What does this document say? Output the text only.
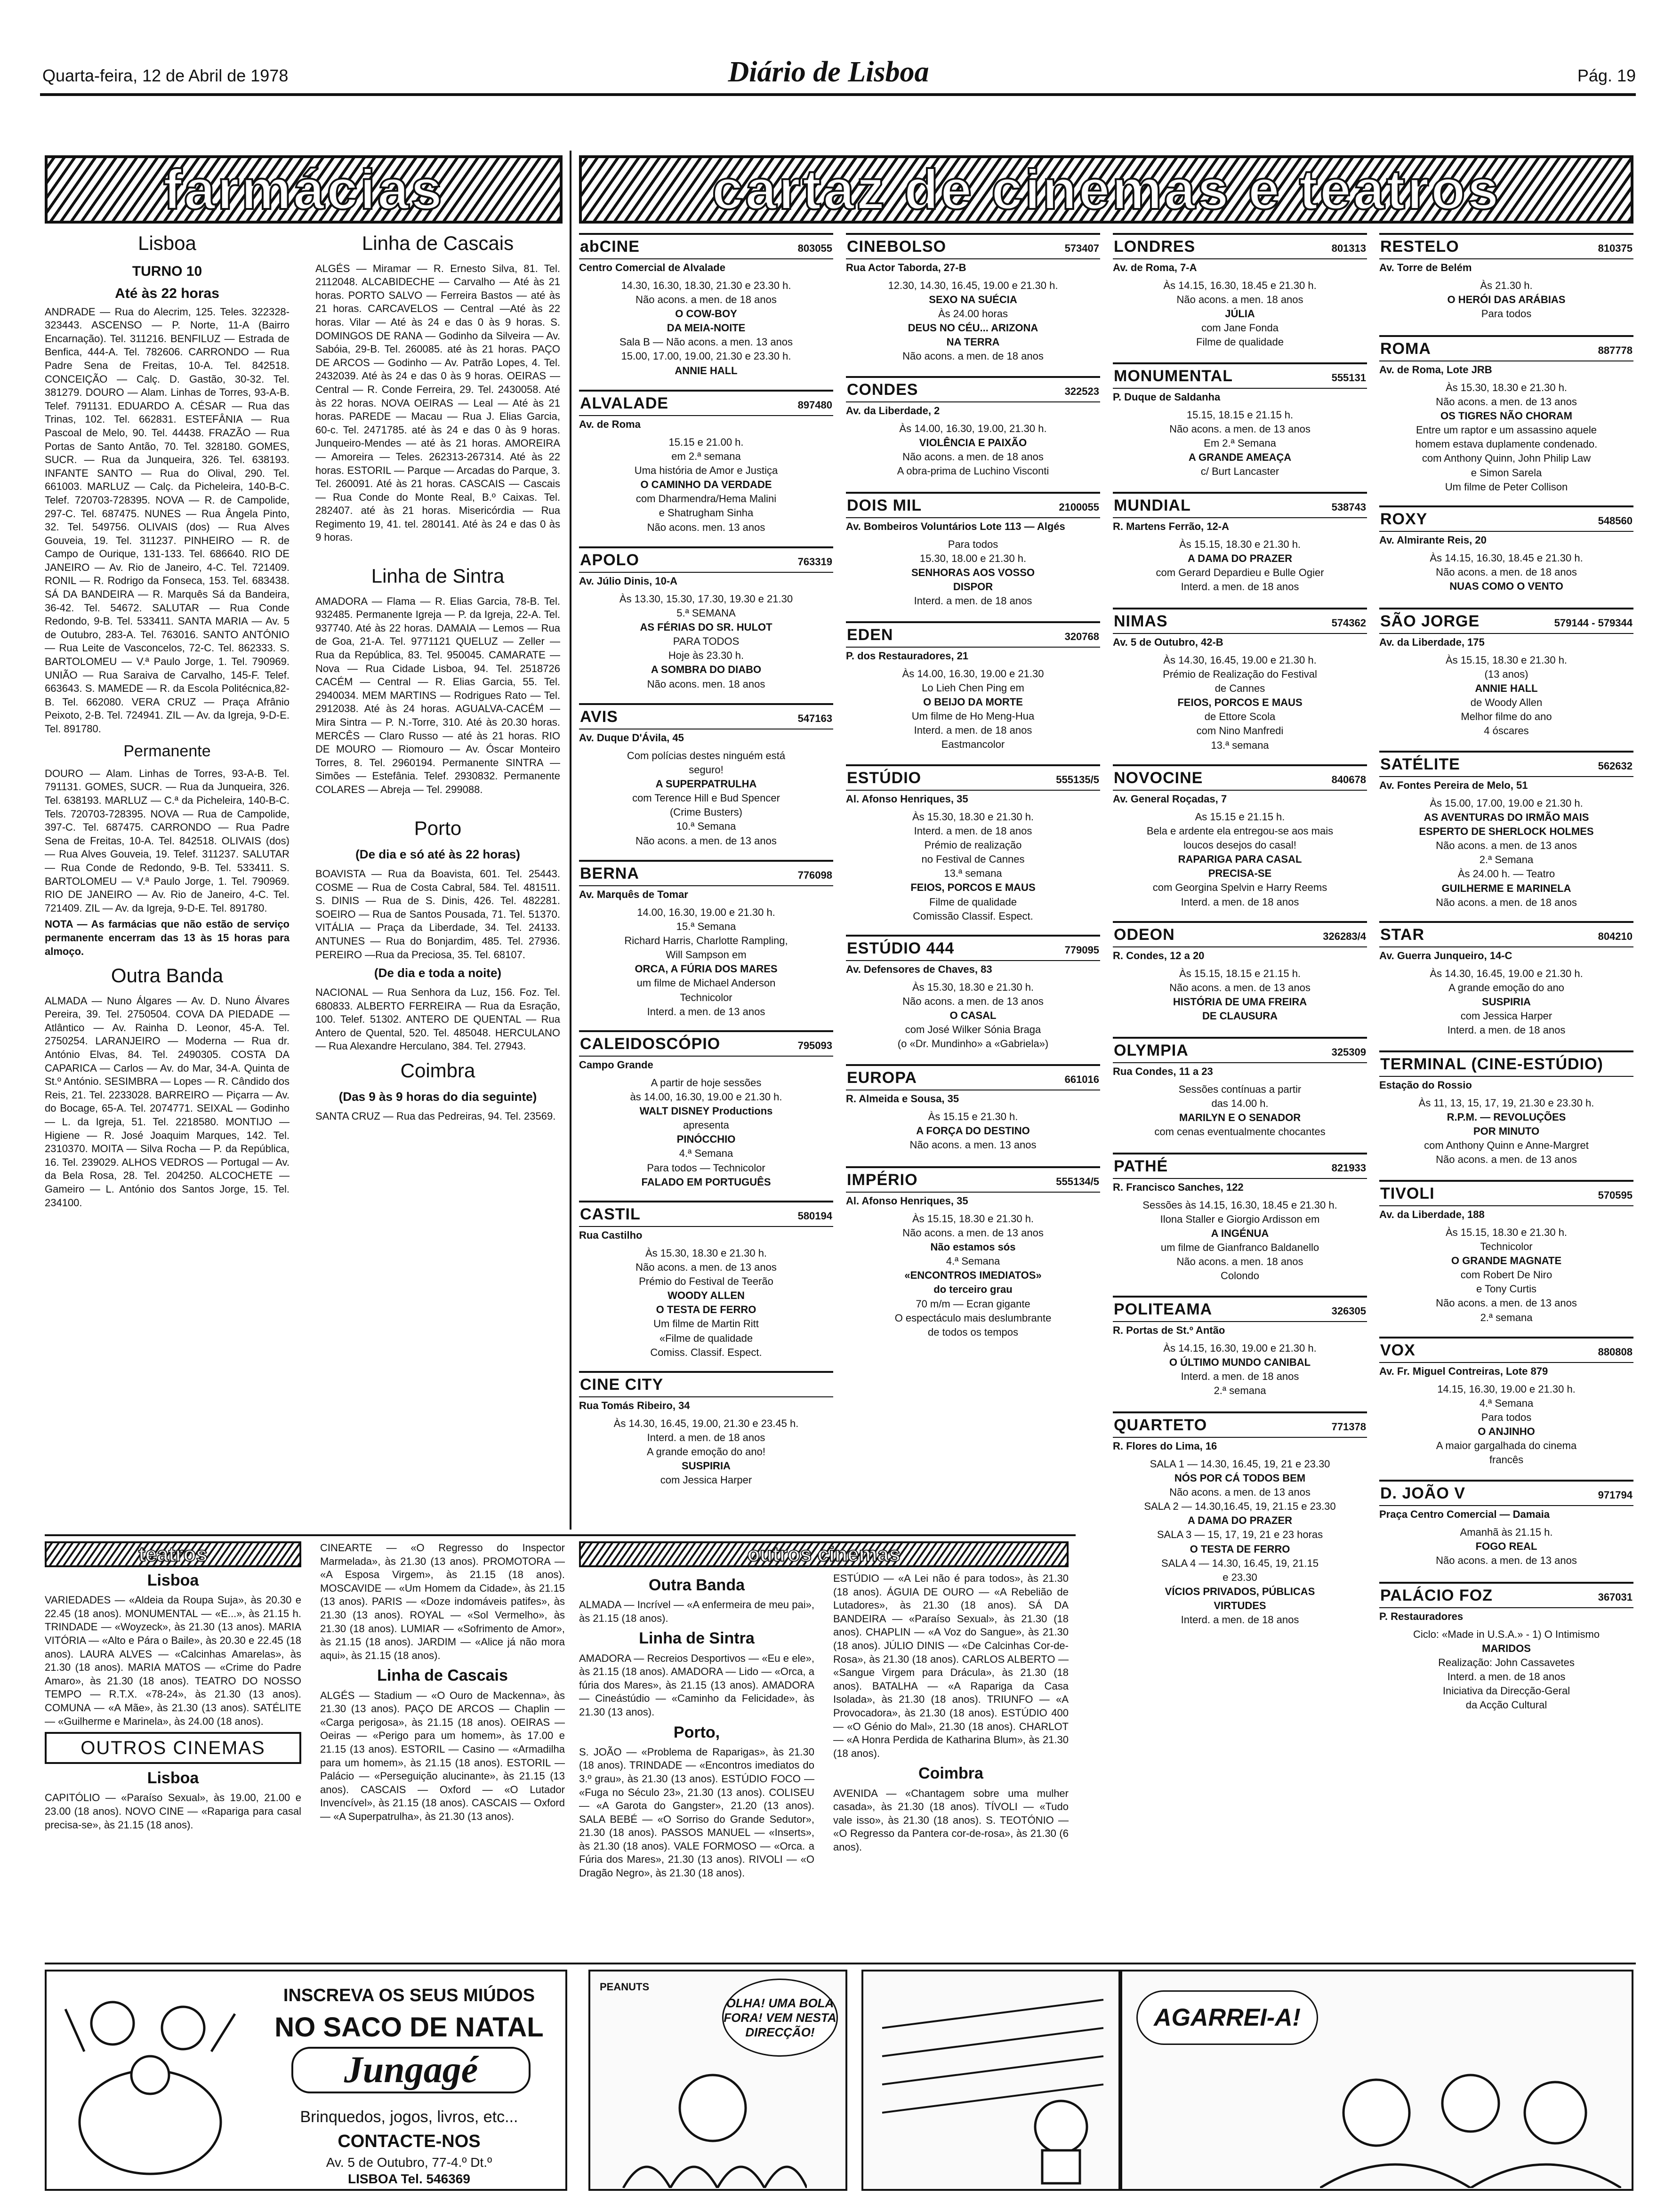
Quarta-feira, 12 de Abril de 1978	Diário de Lisboa	Pág. 19
farmácias	cartaz de cinemas e teatros
Lisboa
TURNO 10
Até às 22 horas

ANDRADE — Rua do Alecrim, 125. Teles. 322328-323443. ASCENSO — P. Norte, 11-A (Bairro Encarnação). Tel. 311216. BENFILUZ — Estrada de Benfica, 444-A. Tel. 782606. CARRONDO — Rua Padre Sena de Freitas, 10-A. Tel. 842518. CONCEIÇÃO — Calç. D. Gastão, 30-32. Tel. 381279. DOURO — Alam. Linhas de Torres, 93-A-B. Telef. 791131. EDUARDO A. CÉSAR — Rua das Trinas, 102. Tel. 662831. ESTEFÂNIA — Rua Pascoal de Melo, 90. Tel. 44438. FRAZÃO — Rua Portas de Santo Antão, 70. Tel. 328180. GOMES, SUCR. — Rua da Junqueira, 326. Tel. 638193. INFANTE SANTO — Rua do Olival, 290. Tel. 661003. MARLUZ — Calç. da Picheleira, 140-B-C. Telef. 720703-728395. NOVA — R. de Campolide, 297-C. Tel. 687475. NUNES — Rua Ângela Pinto, 32. Tel. 549756. OLIVAIS (dos) — Rua Alves Gouveia, 19. Tel. 311237. PINHEIRO — R. de Campo de Ourique, 131-133. Tel. 686640. RIO DE JANEIRO — Av. Rio de Janeiro, 4-C. Tel. 721409. RONIL — R. Rodrigo da Fonseca, 153. Tel. 683438. SÁ DA BANDEIRA — R. Marquês Sá da Bandeira, 36-42. Tel. 54672. SALUTAR — Rua Conde Redondo, 9-B. Tel. 533411. SANTA MARIA — Av. 5 de Outubro, 283-A. Tel. 763016. SANTO ANTÓNIO — Rua Leite de Vasconcelos, 72-C. Tel. 862333. S. BARTOLOMEU — V.ª Paulo Jorge, 1. Tel. 790969. UNIÃO — Rua Saraiva de Carvalho, 145-F. Telef. 663643. S. MAMEDE — R. da Escola Politécnica,82-B. Tel. 662080. VERA CRUZ — Praça Afrânio Peixoto, 2-B. Tel. 724941. ZIL — Av. da Igreja, 9-D-E. Tel. 891780.

Permanente

DOURO — Alam. Linhas de Torres, 93-A-B. Tel. 791131. GOMES, SUCR. — Rua da Junqueira, 326. Tel. 638193. MARLUZ — C.ª da Picheleira, 140-B-C. Tels. 720703-728395. NOVA — Rua de Campolide, 397-C. Tel. 687475. CARRONDO — Rua Padre Sena de Freitas, 10-A. Tel. 842518. OLIVAIS (dos) — Rua Alves Gouveia, 19. Telef. 311237. SALUTAR — Rua Conde de Redondo, 9-B. Tel. 533411. S. BARTOLOMEU — V.ª Paulo Jorge, 1. Tel. 790969. RIO DE JANEIRO — Av. Rio de Janeiro, 4-C. Tel. 721409. ZIL — Av. da Igreja, 9-D-E. Tel. 891780.

NOTA — As farmácias que não estão de serviço permanente encerram das 13 às 15 horas para almoço.

Outra Banda

ALMADA — Nuno Álgares — Av. D. Nuno Álvares Pereira, 39. Tel. 2750504. COVA DA PIEDADE — Atlântico — Av. Rainha D. Leonor, 45-A. Tel. 2750254. LARANJEIRO — Moderna — Rua dr. António Elvas, 84. Tel. 2490305. COSTA DA CAPARICA — Carlos — Av. do Mar, 34-A. Quinta de St.º António. SESIMBRA — Lopes — R. Cândido dos Reis, 21. Tel. 2233028. BARREIRO — Piçarra — Av. do Bocage, 65-A. Tel. 2074771. SEIXAL — Godinho — L. da Igreja, 51. Tel. 2218580. MONTIJO — Higiene — R. José Joaquim Marques, 142. Tel. 2310370. MOITA — Silva Rocha — P. da República, 16. Tel. 239029. ALHOS VEDROS — Portugal — Av. da Bela Rosa, 28. Tel. 204250. ALCOCHETE — Gameiro — L. António dos Santos Jorge, 15. Tel. 234100.

Linha de Cascais

ALGÉS — Miramar — R. Ernesto Silva, 81. Tel. 2112048. ALCABIDECHE — Carvalho — Até às 21 horas. PORTO SALVO — Ferreira Bastos — até às 21 horas. CARCAVELOS — Central —Até às 22 horas. Vilar — Até às 24 e das 0 às 9 horas. S. DOMINGOS DE RANA — Godinho da Silveira — Av. Sabóia, 29-B. Tel. 260085. até às 21 horas. PAÇO DE ARCOS — Godinho — Av. Patrão Lopes, 4. Tel. 2432039. Até às 24 e das 0 às 9 horas. OEIRAS — Central — R. Conde Ferreira, 29. Tel. 2430058. Até às 22 horas. NOVA OEIRAS — Leal — Até às 21 horas. PAREDE — Macau — Rua J. Elias Garcia, 60-c. Tel. 2471785. até às 24 e das 0 às 9 horas. Junqueiro-Mendes — até às 21 horas. AMOREIRA — Amoreira — Teles. 262313-267314. Até às 22 horas. ESTORIL — Parque — Arcadas do Parque, 3. Tel. 260091. Até às 21 horas. CASCAIS — Cascais — Rua Conde do Monte Real, B.º Caixas. Tel. 282407. até às 21 horas. Misericórdia — Rua Regimento 19, 41. tel. 280141. Até às 24 e das 0 às 9 horas.

Linha de Sintra

AMADORA — Flama — R. Elias Garcia, 78-B. Tel. 932485. Permanente Igreja — P. da Igreja, 22-A. Tel. 937740. Até às 22 horas. DAMAIA — Lemos — Rua de Goa, 21-A. Tel. 9771121 QUELUZ — Zeller — Rua da República, 83. Tel. 950045. CAMARATE — Nova — Rua Cidade Lisboa, 94. Tel. 2518726 CACÉM — Central — R. Elias Garcia, 55. Tel. 2940034. MEM MARTINS — Rodrigues Rato — Tel. 2912038. Até às 24 horas. AGUALVA-CACÉM — Mira Sintra — P. N.-Torre, 310. Até às 20.30 horas. MERCÊS — Claro Russo — até às 21 horas. RIO DE MOURO — Riomouro — Av. Óscar Monteiro Torres, 8. Tel. 2960194. Permanente SINTRA — Simões — Estefânia. Telef. 2930832. Permanente COLARES — Abreja — Tel. 299088.

Porto
(De dia e só até às 22 horas)

BOAVISTA — Rua da Boavista, 601. Tel. 25443. COSME — Rua de Costa Cabral, 584. Tel. 481511. S. DINIS — Rua de S. Dinis, 426. Tel. 482281. SOEIRO — Rua de Santos Pousada, 71. Tel. 51370. VITÁLIA — Praça da Liberdade, 34. Tel. 24133. ANTUNES — Rua do Bonjardim, 485. Tel. 27936. PEREIRO —Rua da Preciosa, 35. Tel. 68107.

(De dia e toda a noite)

NACIONAL — Rua Senhora da Luz, 156. Foz. Tel. 680833. ALBERTO FERREIRA — Rua da Esração, 100. Telef. 51302. ANTERO DE QUENTAL — Rua Antero de Quental, 520. Tel. 485048. HERCULANO — Rua Alexandre Herculano, 384. Tel. 27943.

Coimbra
(Das 9 às 9 horas do dia seguinte)

SANTA CRUZ — Rua das Pedreiras, 94. Tel. 23569.

abCINE	803055
Centro Comercial de Alvalade
14.30, 16.30, 18.30, 21.30 e 23.30 h.
Não acons. a men. de 18 anos
O COW-BOY
DA MEIA-NOITE
Sala B — Não acons. a men. 13 anos
15.00, 17.00, 19.00, 21.30 e 23.30 h.
ANNIE HALL
ALVALADE	897480
Av. de Roma
15.15 e 21.00 h.
em 2.ª semana
Uma história de Amor e Justiça
O CAMINHO DA VERDADE
com Dharmendra/Hema Malini
e Shatrugham Sinha
Não acons. men. 13 anos
APOLO	763319
Av. Júlio Dinis, 10-A
Às 13.30, 15.30, 17.30, 19.30 e 21.30
5.ª SEMANA
AS FÉRIAS DO SR. HULOT
PARA TODOS
Hoje às 23.30 h.
A SOMBRA DO DIABO
Não acons. men. 18 anos
AVIS	547163
Av. Duque D'Ávila, 45
Com polícias destes ninguém está
seguro!
A SUPERPATRULHA
com Terence Hill e Bud Spencer
(Crime Busters)
10.ª Semana
Não acons. a men. de 13 anos
BERNA	776098
Av. Marquês de Tomar
14.00, 16.30, 19.00 e 21.30 h.
15.ª Semana
Richard Harris, Charlotte Rampling,
Will Sampson em
ORCA, A FÚRIA DOS MARES
um filme de Michael Anderson
Technicolor
Interd. a men. de 13 anos
CALEIDOSCÓPIO	795093
Campo Grande
A partir de hoje sessões
às 14.00, 16.30, 19.00 e 21.30 h.
WALT DISNEY Productions
apresenta
PINÓCCHIO
4.ª Semana
Para todos — Technicolor
FALADO EM PORTUGUÊS
CASTIL	580194
Rua Castilho
Às 15.30, 18.30 e 21.30 h.
Não acons. a men. de 13 anos
Prémio do Festival de Teerão
WOODY ALLEN
O TESTA DE FERRO
Um filme de Martin Ritt
«Filme de qualidade
Comiss. Classif. Espect.
CINE CITY
Rua Tomás Ribeiro, 34
Às 14.30, 16.45, 19.00, 21.30 e 23.45 h.
Interd. a men. de 18 anos
A grande emoção do ano!
SUSPIRIA
com Jessica Harper
CINEBOLSO	573407
Rua Actor Taborda, 27-B
12.30, 14.30, 16.45, 19.00 e 21.30 h.
SEXO NA SUÉCIA
Às 24.00 horas
DEUS NO CÉU... ARIZONA
NA TERRA
Não acons. a men. de 18 anos
CONDES	322523
Av. da Liberdade, 2
Às 14.00, 16.30, 19.00, 21.30 h.
VIOLÊNCIA E PAIXÃO
Não acons. a men. de 18 anos
A obra-prima de Luchino Visconti
DOIS MIL	2100055
Av. Bombeiros Voluntários Lote 113 — Algés
Para todos
15.30, 18.00 e 21.30 h.
SENHORAS AOS VOSSO
DISPOR
Interd. a men. de 18 anos
EDEN	320768
P. dos Restauradores, 21
Às 14.00, 16.30, 19.00 e 21.30
Lo Lieh Chen Ping em
O BEIJO DA MORTE
Um filme de Ho Meng-Hua
Interd. a men. de 18 anos
Eastmancolor
ESTÚDIO	555135/5
Al. Afonso Henriques, 35
Às 15.30, 18.30 e 21.30 h.
Interd. a men. de 18 anos
Prémio de realização
no Festival de Cannes
13.ª semana
FEIOS, PORCOS E MAUS
Filme de qualidade
Comissão Classif. Espect.
ESTÚDIO 444	779095
Av. Defensores de Chaves, 83
Às 15.30, 18.30 e 21.30 h.
Não acons. a men. de 13 anos
O CASAL
com José Wilker Sónia Braga
(o «Dr. Mundinho» a «Gabriela»)
EUROPA	661016
R. Almeida e Sousa, 35
Às 15.15 e 21.30 h.
A FORÇA DO DESTINO
Não acons. a men. 13 anos
IMPÉRIO	555134/5
Al. Afonso Henriques, 35
Às 15.15, 18.30 e 21.30 h.
Não acons. a men. de 13 anos
Não estamos sós
4.ª Semana
«ENCONTROS IMEDIATOS»
do terceiro grau
70 m/m — Ecran gigante
O espectáculo mais deslumbrante
de todos os tempos
LONDRES	801313
Av. de Roma, 7-A
Às 14.15, 16.30, 18.45 e 21.30 h.
Não acons. a men. 18 anos
JÚLIA
com Jane Fonda
Filme de qualidade
MONUMENTAL	555131
P. Duque de Saldanha
15.15, 18.15 e 21.15 h.
Não acons. a men. de 13 anos
Em 2.ª Semana
A GRANDE AMEAÇA
c/ Burt Lancaster
MUNDIAL	538743
R. Martens Ferrão, 12-A
Às 15.15, 18.30 e 21.30 h.
A DAMA DO PRAZER
com Gerard Depardieu e Bulle Ogier
Interd. a men. de 18 anos
NIMAS	574362
Av. 5 de Outubro, 42-B
Às 14.30, 16.45, 19.00 e 21.30 h.
Prémio de Realização do Festival
de Cannes
FEIOS, PORCOS E MAUS
de Ettore Scola
com Nino Manfredi
13.ª semana
NOVOCINE	840678
Av. General Roçadas, 7
As 15.15 e 21.15 h.
Bela e ardente ela entregou-se aos mais
loucos desejos do casal!
RAPARIGA PARA CASAL
PRECISA-SE
com Georgina Spelvin e Harry Reems
Interd. a men. de 18 anos
ODEON	326283/4
R. Condes, 12 a 20
Às 15.15, 18.15 e 21.15 h.
Não acons. a men. de 13 anos
HISTÓRIA DE UMA FREIRA
DE CLAUSURA
OLYMPIA	325309
Rua Condes, 11 a 23
Sessões contínuas a partir
das 14.00 h.
MARILYN E O SENADOR
com cenas eventualmente chocantes
PATHÉ	821933
R. Francisco Sanches, 122
Sessões às 14.15, 16.30, 18.45 e 21.30 h.
Ilona Staller e Giorgio Ardisson em
A INGÉNUA
um filme de Gianfranco Baldanello
Não acons. a men. 18 anos
Colondo
POLITEAMA	326305
R. Portas de St.º Antão
Às 14.15, 16.30, 19.00 e 21.30 h.
O ÚLTIMO MUNDO CANIBAL
Interd. a men. de 18 anos
2.ª semana
QUARTETO	771378
R. Flores do Lima, 16
SALA 1 — 14.30, 16.45, 19, 21 e 23.30
NÓS POR CÁ TODOS BEM
Não acons. a men. de 13 anos
SALA 2 — 14.30,16.45, 19, 21.15 e 23.30
A DAMA DO PRAZER
SALA 3 — 15, 17, 19, 21 e 23 horas
O TESTA DE FERRO
SALA 4 — 14.30, 16.45, 19, 21.15
e 23.30
VÍCIOS PRIVADOS, PÚBLICAS
VIRTUDES
Interd. a men. de 18 anos
RESTELO	810375
Av. Torre de Belém
Às 21.30 h.
O HERÓI DAS ARÁBIAS
Para todos
ROMA	887778
Av. de Roma, Lote JRB
Às 15.30, 18.30 e 21.30 h.
Não acons. a men. de 13 anos
OS TIGRES NÃO CHORAM
Entre um raptor e um assassino aquele
homem estava duplamente condenado.
com Anthony Quinn, John Philip Law
e Simon Sarela
Um filme de Peter Collison
ROXY	548560
Av. Almirante Reis, 20
Às 14.15, 16.30, 18.45 e 21.30 h.
Não acons. a men. de 18 anos
NUAS COMO O VENTO
SÃO JORGE	579144 - 579344
Av. da Liberdade, 175
Às 15.15, 18.30 e 21.30 h.
(13 anos)
ANNIE HALL
de Woody Allen
Melhor filme do ano
4 óscares
SATÉLITE	562632
Av. Fontes Pereira de Melo, 51
Às 15.00, 17.00, 19.00 e 21.30 h.
AS AVENTURAS DO IRMÃO MAIS
ESPERTO DE SHERLOCK HOLMES
Não acons. a men. de 13 anos
2.ª Semana
Às 24.00 h. — Teatro
GUILHERME E MARINELA
Não acons. a men. de 18 anos
STAR	804210
Av. Guerra Junqueiro, 14-C
Às 14.30, 16.45, 19.00 e 21.30 h.
A grande emoção do ano
SUSPIRIA
com Jessica Harper
Interd. a men. de 18 anos
TERMINAL (CINE-ESTÚDIO)
Estação do Rossio
Às 11, 13, 15, 17, 19, 21.30 e 23.30 h.
R.P.M. — REVOLUÇÕES
POR MINUTO
com Anthony Quinn e Anne-Margret
Não acons. a men. de 13 anos
TIVOLI	570595
Av. da Liberdade, 188
Às 15.15, 18.30 e 21.30 h.
Technicolor
O GRANDE MAGNATE
com Robert De Niro
e Tony Curtis
Não acons. a men. de 13 anos
2.ª semana
VOX	880808
Av. Fr. Miguel Contreiras, Lote 879
14.15, 16.30, 19.00 e 21.30 h.
4.ª Semana
Para todos
O ANJINHO
A maior gargalhada do cinema
francês
D. JOÃO V	971794
Praça Centro Comercial — Damaia
Amanhã às 21.15 h.
FOGO REAL
Não acons. a men. de 13 anos
PALÁCIO FOZ	367031
P. Restauradores
Ciclo: «Made in U.S.A.» - 1) O Intimismo
MARIDOS
Realização: John Cassavetes
Interd. a men. de 18 anos
Iniciativa da Direcção-Geral
da Acção Cultural
teatros
Lisboa

VARIEDADES — «Aldeia da Roupa Suja», às 20.30 e 22.45 (18 anos). MONUMENTAL — «E...», às 21.15 h. TRINDADE — «Woyzeck», às 21.30 (13 anos). MARIA VITÓRIA — «Alto e Pára o Baile», às 20.30 e 22.45 (18 anos). LAURA ALVES — «Calcinhas Amarelas», às 21.30 (18 anos). MARIA MATOS — «Crime do Padre Amaro», às 21.30 (18 anos). TEATRO DO NOSSO TEMPO — R.T.X. «78-24», às 21.30 (13 anos). COMUNA — «A Mãe», às 21.30 (13 anos). SATÉLITE — «Guilherme e Marinela», às 24.00 (18 anos).

OUTROS CINEMAS
Lisboa

CAPITÓLIO — «Paraíso Sexual», às 19.00, 21.00 e 23.00 (18 anos). NOVO CINE — «Rapariga para casal precisa-se», às 21.15 (18 anos).

CINEARTE — «O Regresso do Inspector Marmelada», às 21.30 (13 anos). PROMOTORA — «A Esposa Virgem», às 21.15 (18 anos). MOSCAVIDE — «Um Homem da Cidade», às 21.15 (13 anos). PARIS — «Doze indomáveis patifes», às 21.30 (13 anos). ROYAL — «Sol Vermelho», às 21.30 (18 anos). LUMIAR — «Sofrimento de Amor», às 21.15 (18 anos). JARDIM — «Alice já não mora aqui», às 21.15 (18 anos).

Linha de Cascais

ALGÉS — Stadium — «O Ouro de Mackenna», às 21.30 (13 anos). PAÇO DE ARCOS — Chaplin — «Carga perigosa», às 21.15 (18 anos). OEIRAS — Oeiras — «Perigo para um homem», às 17.00 e 21.15 (13 anos). ESTORIL — Casino — «Armadilha para um homem», às 21.15 (18 anos). ESTORIL — Palácio — «Perseguição alucinante», às 21.15 (13 anos). CASCAIS — Oxford — «O Lutador Invencível», às 21.15 (18 anos). CASCAIS — Oxford — «A Superpatrulha», às 21.30 (13 anos).

outros cinemas
Outra Banda

ALMADA — Incrível — «A enfermeira de meu pai», às 21.15 (18 anos).

Linha de Sintra

AMADORA — Recreios Desportivos — «Eu e ele», às 21.15 (18 anos). AMADORA — Lido — «Orca, a fúria dos Mares», às 21.15 (13 anos). AMADORA — Cineástúdio — «Caminho da Felicidade», às 21.30 (13 anos).

Porto,

S. JOÃO — «Problema de Raparigas», às 21.30 (18 anos). TRINDADE — «Encontros imediatos do 3.º grau», às 21.30 (13 anos). ESTÚDIO FOCO — «Fuga no Século 23», 21.30 (13 anos). COLISEU — «A Garota do Gangster», 21.20 (13 anos). SALA BEBÉ — «O Sorriso do Grande Sedutor», 21.30 (18 anos). PASSOS MANUEL — «Inserts», às 21.30 (18 anos). VALE FORMOSO — «Orca. a Fúria dos Mares», 21.30 (13 anos). RIVOLI — «O Dragão Negro», às 21.30 (18 anos).

ESTÚDIO — «A Lei não é para todos», às 21.30 (18 anos). ÁGUIA DE OURO — «A Rebelião de Lutadores», às 21.30 (18 anos). SÁ DA BANDEIRA — «Paraíso Sexual», às 21.30 (18 anos). CHAPLIN — «A Voz do Sangue», às 21.30 (18 anos). JÚLIO DINIS — «De Calcinhas Cor-de-Rosa», às 21.30 (18 anos). CARLOS ALBERTO — «Sangue Virgem para Drácula», às 21.30 (18 anos). BATALHA — «A Rapariga da Casa Isolada», às 21.30 (18 anos). TRIUNFO — «A Provocadora», às 21.30 (18 anos). ESTÚDIO 400 — «O Génio do Mal», 21.30 (18 anos). CHARLOT — «A Honra Perdida de Katharina Blum», às 21.30 (18 anos).

Coimbra

AVENIDA — «Chantagem sobre uma mulher casada», às 21.30 (18 anos). TÍVOLI — «Tudo vale isso», às 21.30 (18 anos). S. TEOTÓNIO — «O Regresso da Pantera cor-de-rosa», às 21.30 (6 anos).

INSCREVA OS SEUS MIÚDOS
NO SACO DE NATAL
Jungagé
Brinquedos, jogos, livros, etc...
CONTACTE-NOS
Av. 5 de Outubro, 77-4.º Dt.º
LISBOA Tel. 546369
PEANUTS
OLHA! UMA BOLA FORA! VEM NESTA DIRECÇÃO!
AGARREI-A!
